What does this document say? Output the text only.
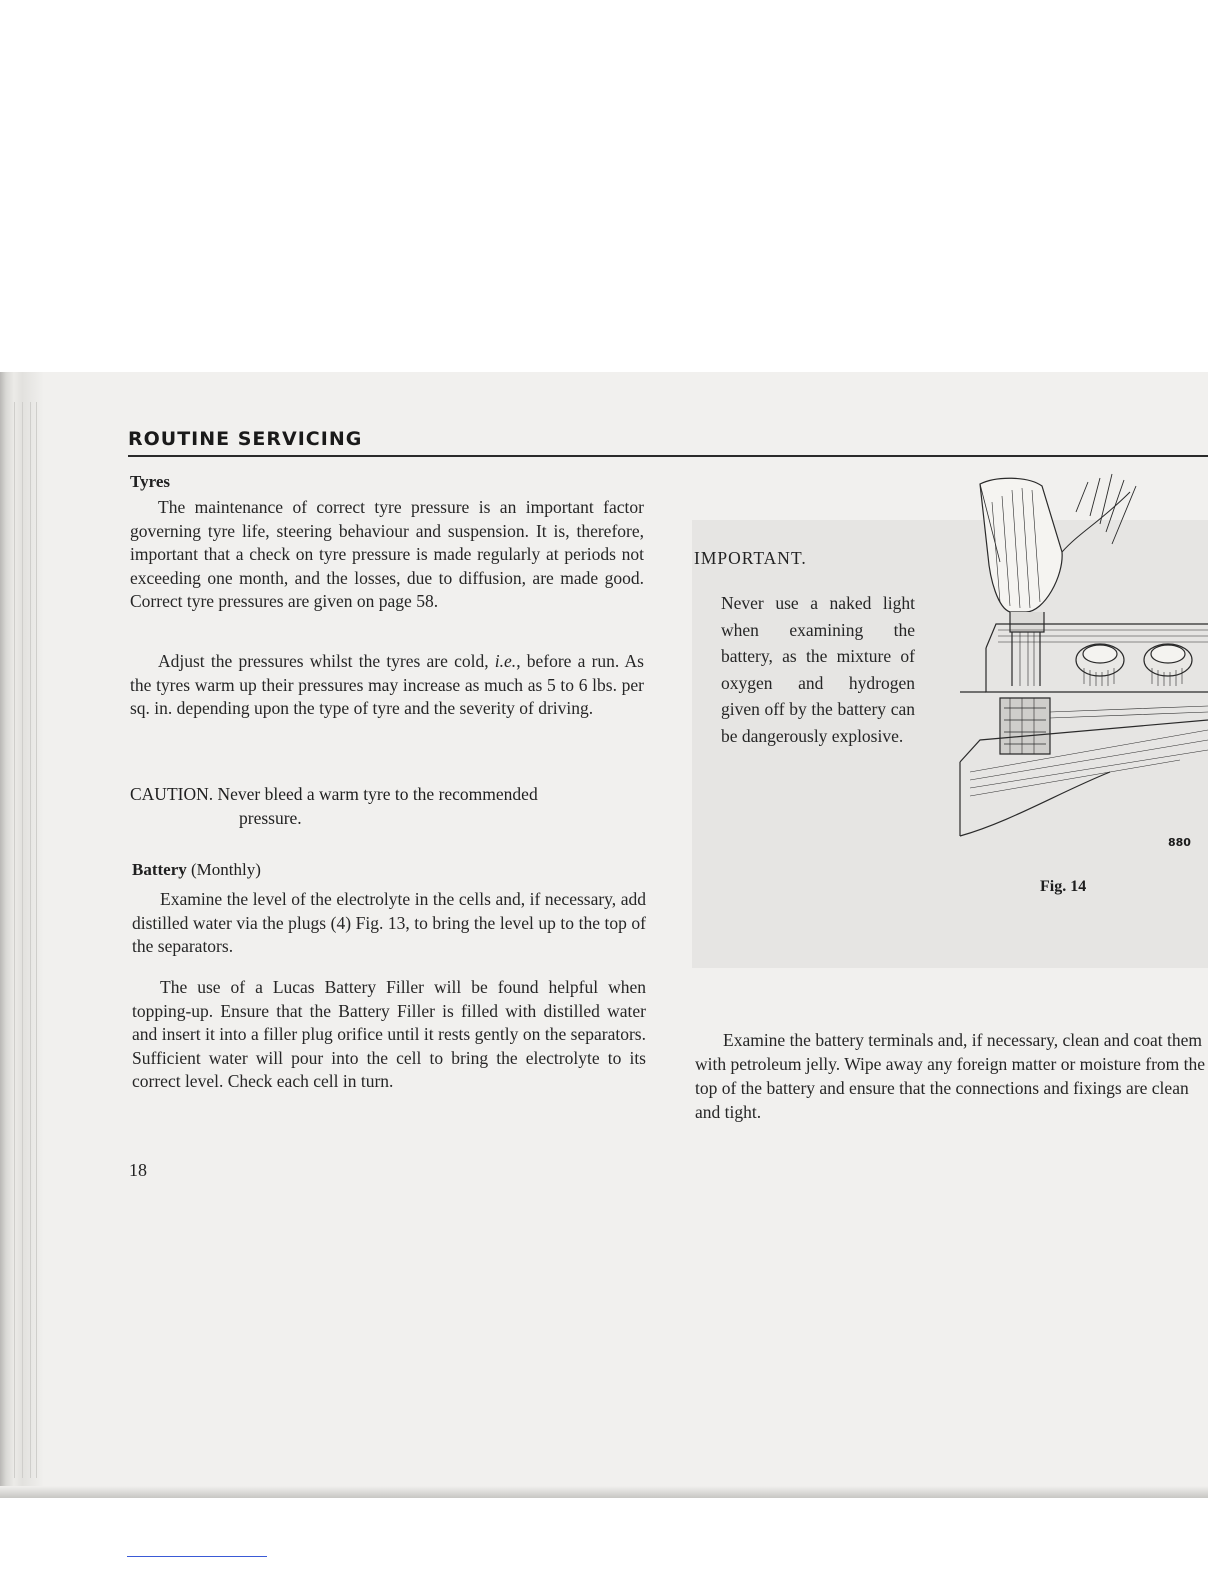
ROUTINE SERVICING
Tyres

The maintenance of correct tyre pressure is an important factor governing tyre life, steering behaviour and suspension. It is, therefore, important that a check on tyre pressure is made regularly at periods not exceeding one month, and the losses, due to diffusion, are made good. Correct tyre pressures are given on page 58.

Adjust the pressures whilst the tyres are cold, i.e., before a run. As the tyres warm up their pressures may increase as much as 5 to 6 lbs. per sq. in. depending upon the type of tyre and the severity of driving.

CAUTION. Never bleed a warm tyre to the recommended
pressure.
Battery (Monthly)

Examine the level of the electrolyte in the cells and, if necessary, add distilled water via the plugs (4) Fig. 13, to bring the level up to the top of the separators.

The use of a Lucas Battery Filler will be found helpful when topping-up. Ensure that the Battery Filler is filled with distilled water and insert it into a filler plug orifice until it rests gently on the separators. Sufficient water will pour into the cell to bring the electrolyte to its correct level. Check each cell in turn.

IMPORTANT.

Never use a naked light when examining the battery, as the mixture of oxygen and hydrogen given off by the battery can be dangerously explosive.

880
Fig. 14

Examine the battery terminals and, if necessary, clean and coat them with petroleum jelly. Wipe away any foreign matter or moisture from the top of the battery and ensure that the connections and fixings are clean and tight.

18
